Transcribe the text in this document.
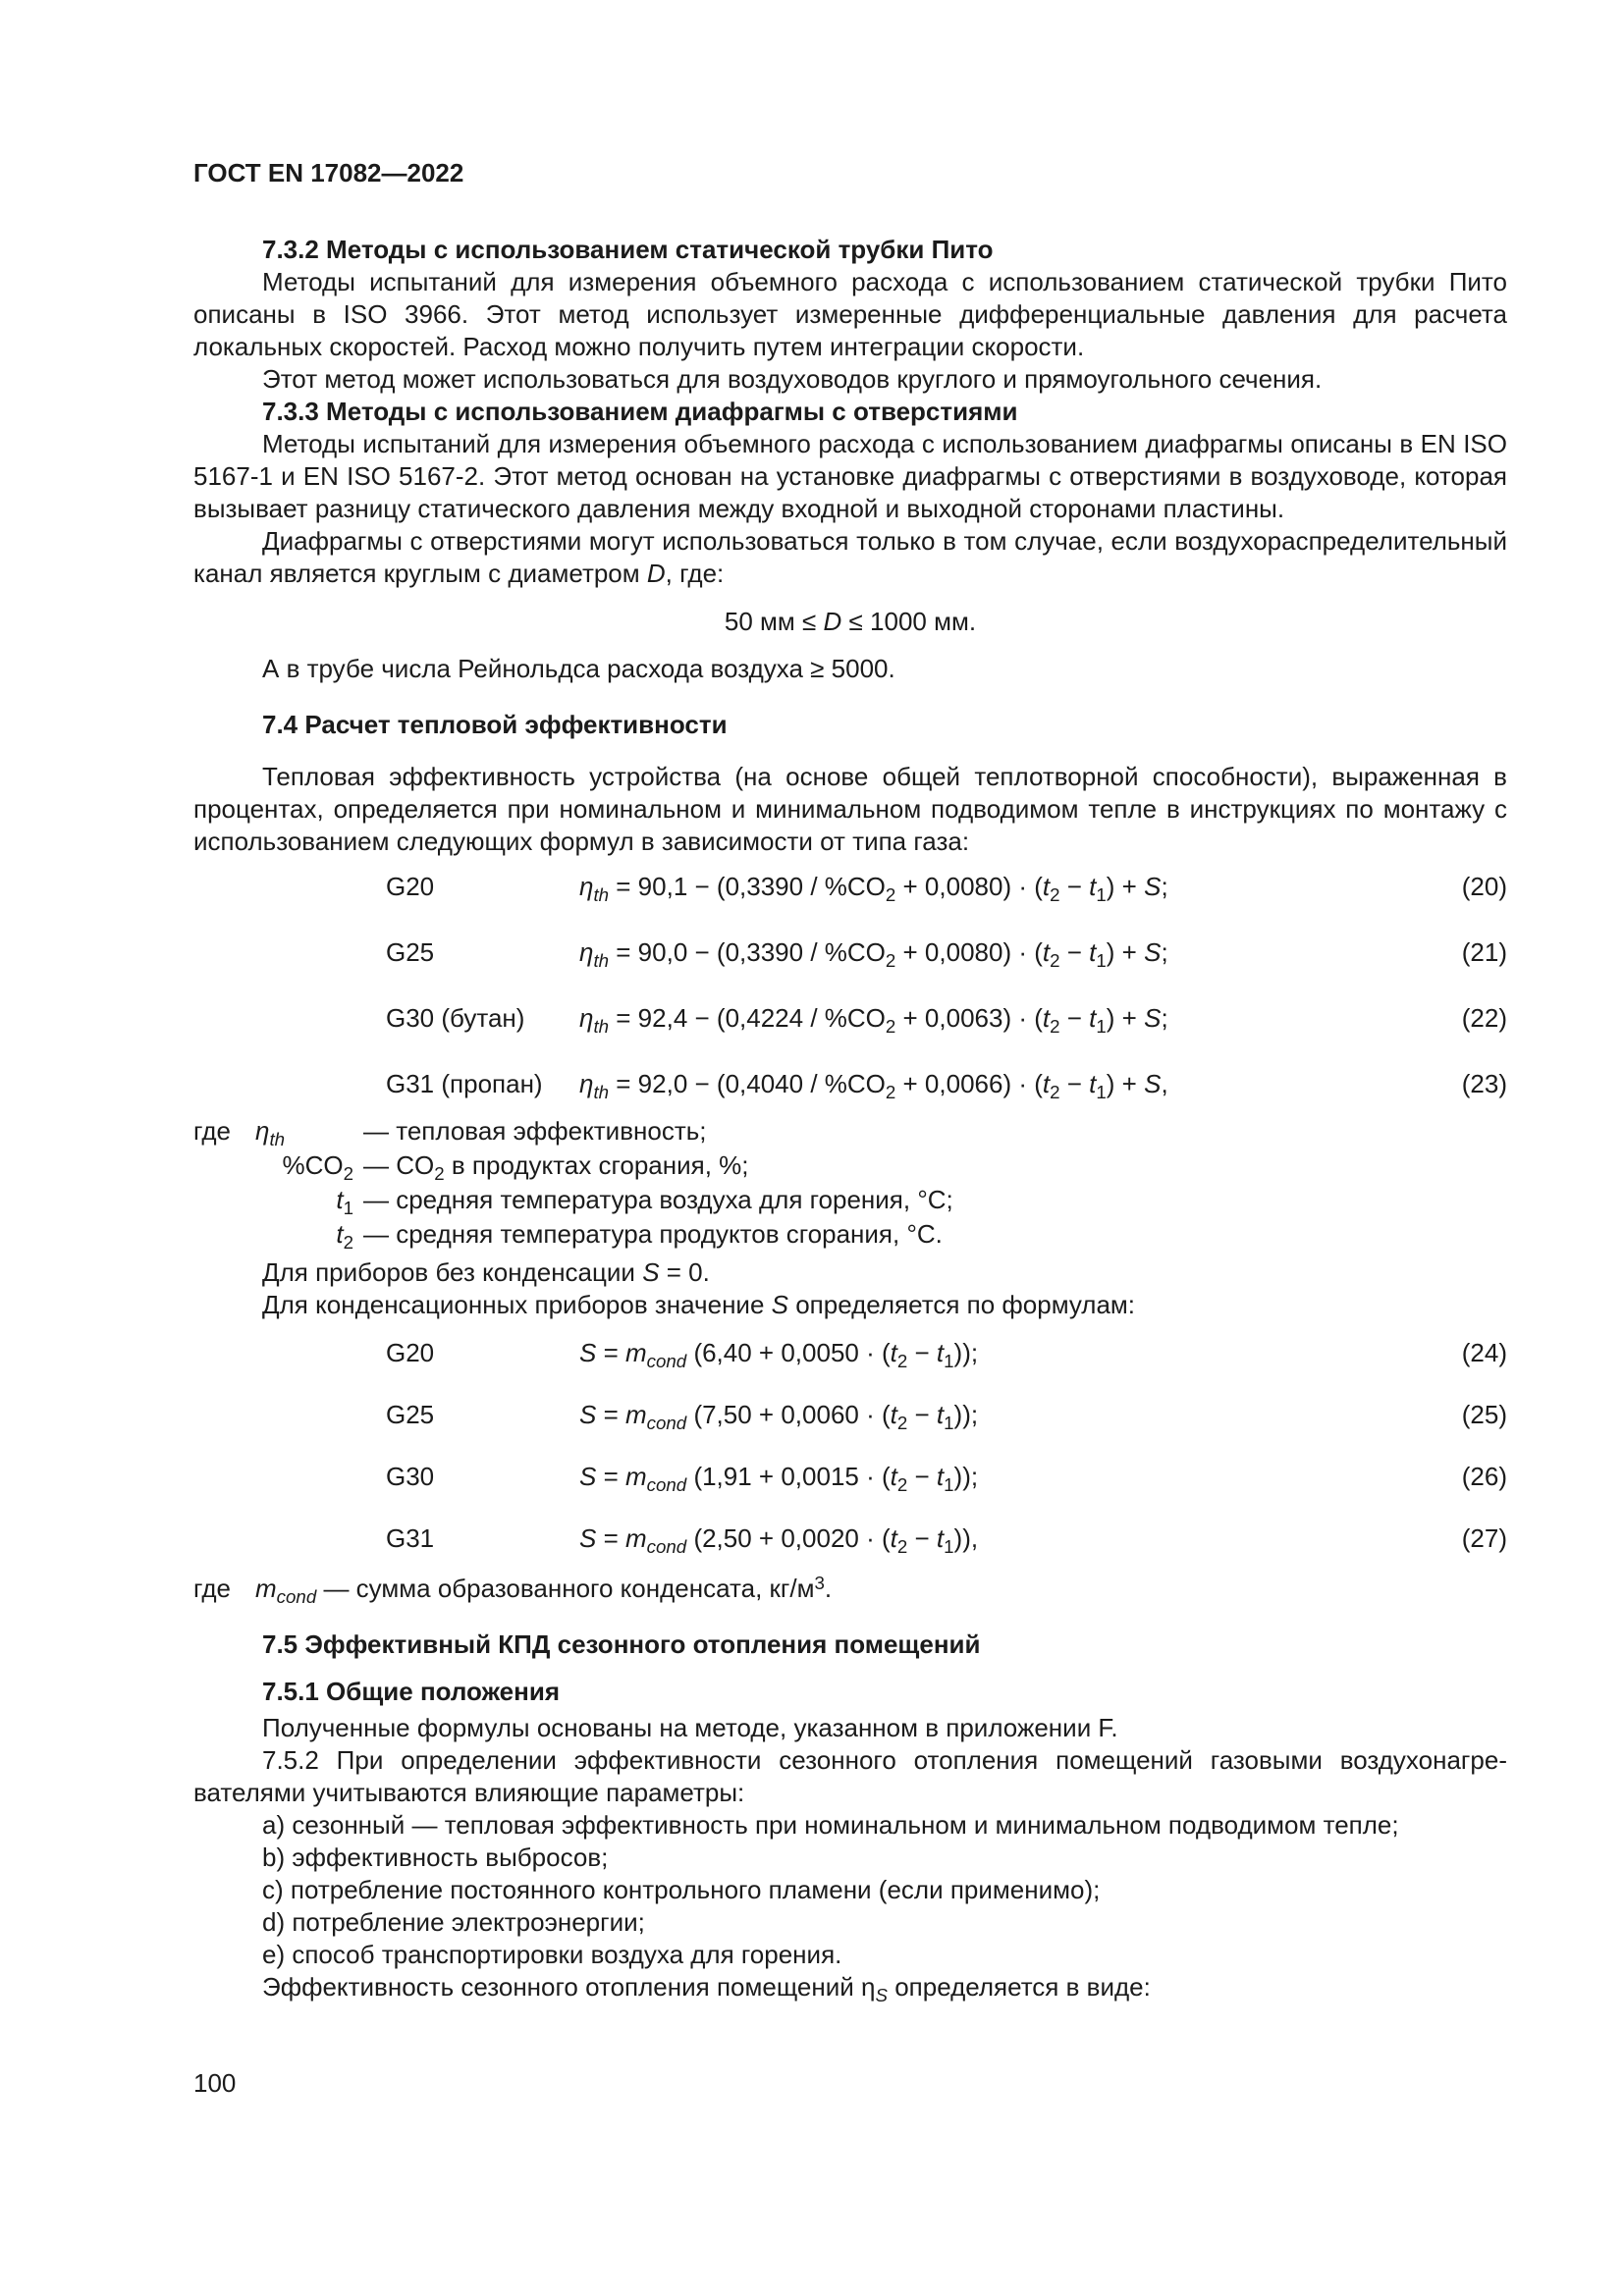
ГОСТ EN 17082—2022
7.3.2 Методы с использованием статической трубки Пито

Методы испытаний для измерения объемного расхода с использованием статической трубки Пито описаны в ISO 3966. Этот метод использует измеренные дифференциальные давления для расчета локальных скоростей. Расход можно получить путем интеграции скорости.

Этот метод может использоваться для воздуховодов круглого и прямоугольного сечения.

7.3.3 Методы с использованием диафрагмы с отверстиями

Методы испытаний для измерения объемного расхода с использованием диафрагмы описаны в EN ISO 5167-1 и EN ISO 5167-2. Этот метод основан на установке диафрагмы с отверстиями в воздуховоде, которая вызывает разницу статического давления между входной и выходной сторонами пластины.

Диафрагмы с отверстиями могут использоваться только в том случае, если воздухораспределительный канал является круглым с диаметром D, где:

50 мм ≤ D ≤ 1000 мм.

А в трубе числа Рейнольдса расхода воздуха ≥ 5000.

7.4 Расчет тепловой эффективности

Тепловая эффективность устройства (на основе общей теплотворной способности), выраженная в процентах, определяется при номинальном и минимальном подводимом тепле в инструкциях по монтажу с использованием следующих формул в зависимости от типа газа:

G20	$\eta_{th} = 90,1 - (0,3390 / \%CO_2 + 0,0080) \cdot (t_2 - t_1) + S$;	(20)
G25	$\eta_{th} = 90,0 - (0,3390 / \%CO_2 + 0,0080) \cdot (t_2 - t_1) + S$;	(21)
G30 (бутан)	$\eta_{th} = 92,4 - (0,4224 / \%CO_2 + 0,0063) \cdot (t_2 - t_1) + S$;	(22)
G31 (пропан)	$\eta_{th} = 92,0 - (0,4040 / \%CO_2 + 0,0066) \cdot (t_2 - t_1) + S$,	(23)
где $\eta_{th}$	— тепловая эффективность;
$\%CO_2$ — $CO_2$ в продуктах сгорания, %;
$t_1$ — средняя температура воздуха для горения, °С;
$t_2$ — средняя температура продуктов сгорания, °С.

Для приборов без конденсации S = 0.

Для конденсационных приборов значение S определяется по формулам:

G20	$S = m_{cond}$ $(6,40 + 0,0050 \cdot (t_2 - t_1))$;	(24)
G25	$S = m_{cond}$ $(7,50 + 0,0060 \cdot (t_2 - t_1))$;	(25)
G30	$S = m_{cond}$ $(1,91 + 0,0015 \cdot (t_2 - t_1))$;	(26)
G31	$S = m_{cond}$ $(2,50 + 0,0020 \cdot (t_2 - t_1))$,	(27)
где $m_{cond}$ — сумма образованного конденсата, $кг/м^3$.
7.5 Эффективный КПД сезонного отопления помещений
7.5.1 Общие положения

Полученные формулы основаны на методе, указанном в приложении F.

7.5.2 При определении эффективности сезонного отопления помещений газовыми воздухонагревателями учитываются влияющие параметры:

a) сезонный — тепловая эффективность при номинальном и минимальном подводимом тепле;

b) эффективность выбросов;

c) потребление постоянного контрольного пламени (если применимо);

d) потребление электроэнергии;

e) способ транспортировки воздуха для горения.

Эффективность сезонного отопления помещений $\eta_S$ определяется в виде:

100
